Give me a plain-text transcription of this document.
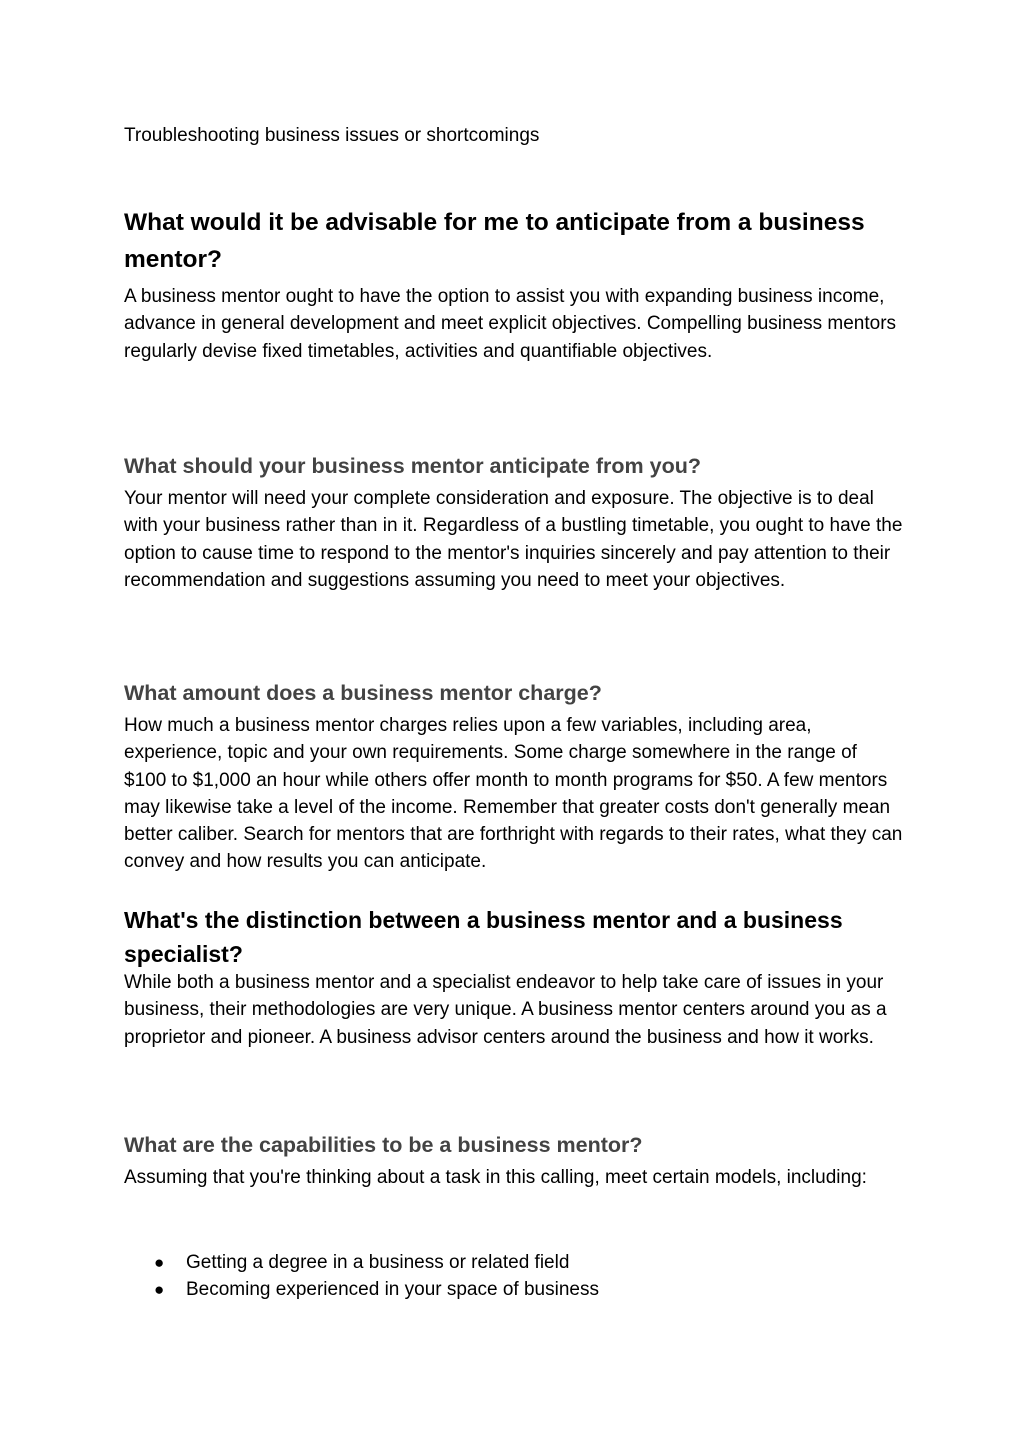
Troubleshooting business issues or shortcomings

What would it be advisable for me to anticipate from a business mentor?

A business mentor ought to have the option to assist you with expanding business income, advance in general development and meet explicit objectives. Compelling business mentors regularly devise fixed timetables, activities and quantifiable objectives.

What should your business mentor anticipate from you?

Your mentor will need your complete consideration and exposure. The objective is to deal with your business rather than in it. Regardless of a bustling timetable, you ought to have the option to cause time to respond to the mentor's inquiries sincerely and pay attention to their recommendation and suggestions assuming you need to meet your objectives.

What amount does a business mentor charge?

How much a business mentor charges relies upon a few variables, including area, experience, topic and your own requirements. Some charge somewhere in the range of $100 to $1,000 an hour while others offer month to month programs for $50. A few mentors may likewise take a level of the income. Remember that greater costs don't generally mean better caliber. Search for mentors that are forthright with regards to their rates, what they can convey and how results you can anticipate.

What's the distinction between a business mentor and a business specialist?

While both a business mentor and a specialist endeavor to help take care of issues in your business, their methodologies are very unique. A business mentor centers around you as a proprietor and pioneer. A business advisor centers around the business and how it works.

What are the capabilities to be a business mentor?

Assuming that you're thinking about a task in this calling, meet certain models, including:

● Getting a degree in a business or related field
● Becoming experienced in your space of business
